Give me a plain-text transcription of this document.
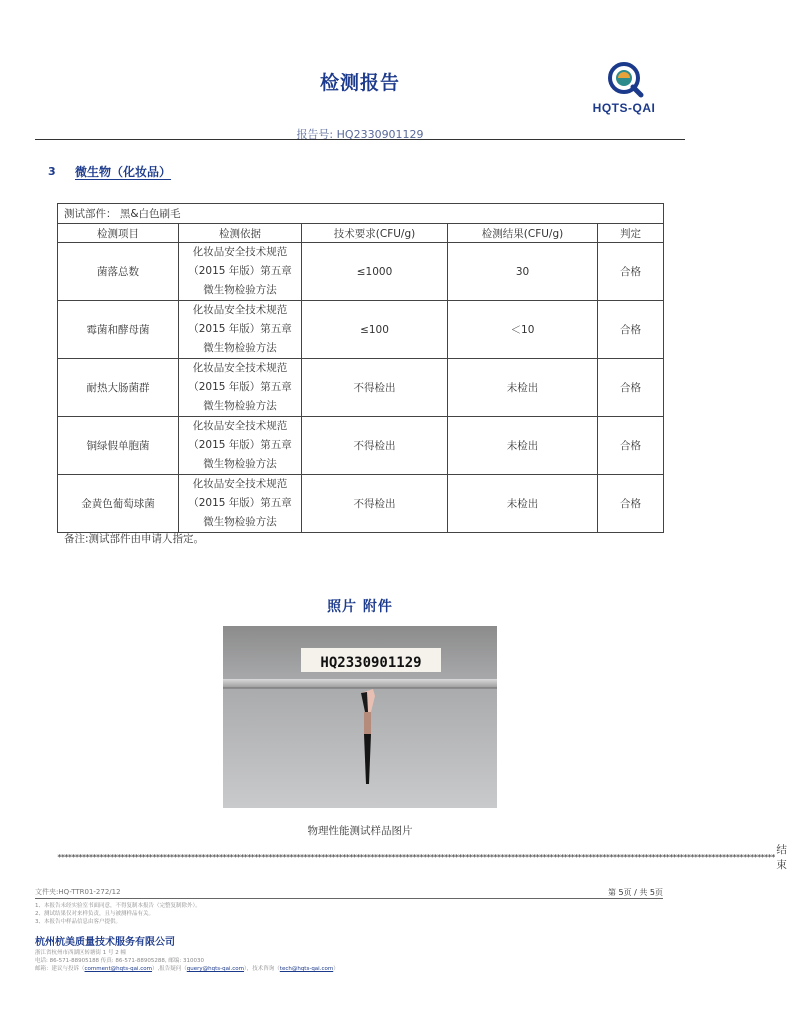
检测报告
HQTS-QAI
报告号: HQ2330901129
3 微生物（化妆品）
测试部件： 黑&白色刷毛				
检测项目	检测依据	技术要求(CFU/g)	检测结果(CFU/g)	判定
菌落总数	化妆品安全技术规范
（2015 年版）第五章
微生物检验方法	≤1000	30	合格
霉菌和酵母菌	化妆品安全技术规范
（2015 年版）第五章
微生物检验方法	≤100	＜10	合格
耐热大肠菌群	化妆品安全技术规范
（2015 年版）第五章
微生物检验方法	不得检出	未检出	合格
铜绿假单胞菌	化妆品安全技术规范
（2015 年版）第五章
微生物检验方法	不得检出	未检出	合格
金黄色葡萄球菌	化妆品安全技术规范
（2015 年版）第五章
微生物检验方法	不得检出	未检出	合格
备注:测试部件由申请人指定。
照片 附件
HQ2330901129
物理性能测试样品图片
************************************************************************************************************************************************************************************************************
结束
文件夹:HQ-TTR01-272/12	第 5页 / 共 5页
1、本报告未经实验室书面同意，不得复制本报告（完整复制除外）。
2、测试结果仅对来样负责，且与被测样品有关。
3、本报告中样品信息由客户提供。
杭州杭美质量技术服务有限公司
浙江省杭州市西湖区转塘街 1 号 2 幢
电话: 86-571-88905188 传真: 86-571-88905288, 邮编: 310030
邮箱：建议与投诉（comment@hqts-qai.com）,报告疑问（query@hqts-qai.com），技术咨询（tech@hqts-qai.com）
